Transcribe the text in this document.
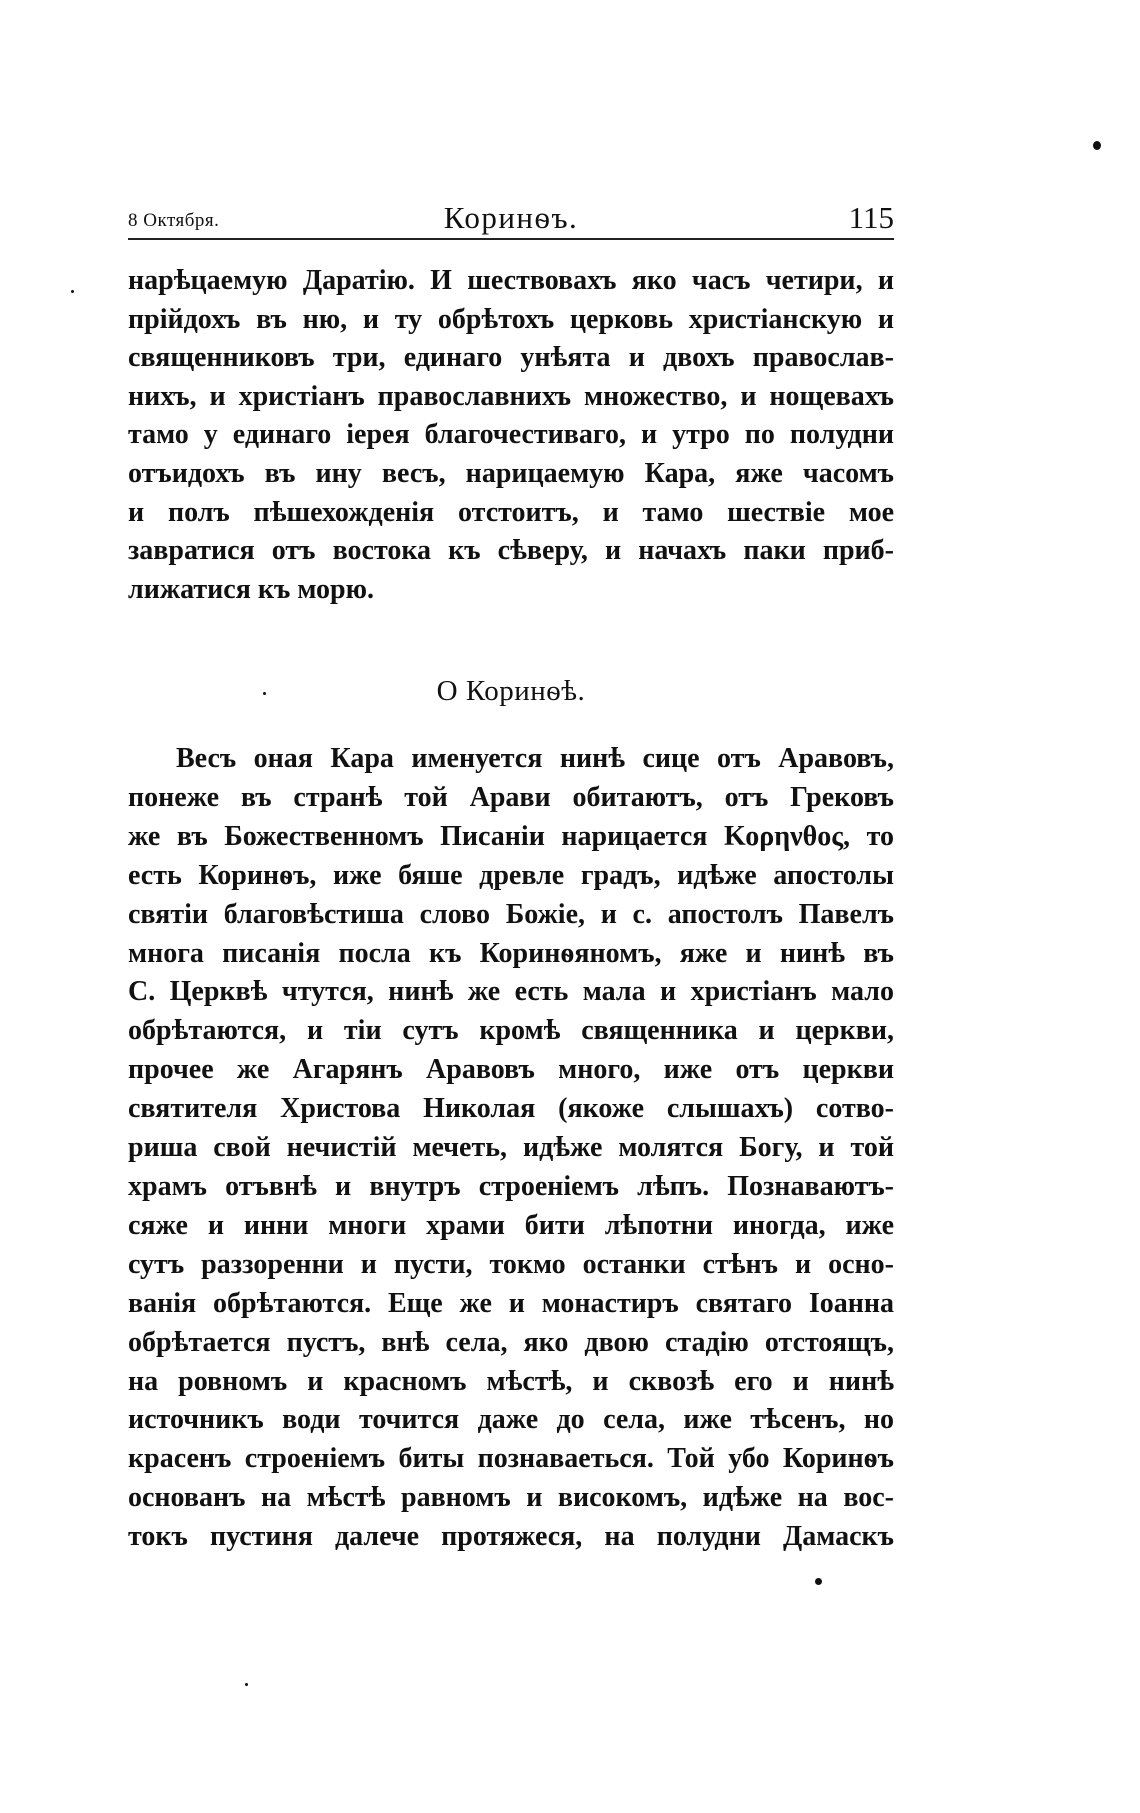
8 Октября.	Коринѳъ.	115
нарѣцаемую Даратію. И шествовахъ яко часъ четири, и
прійдохъ въ ню, и ту обрѣтохъ церковь христіанскую и
священниковъ три, единаго унѣята и двохъ православ-
нихъ, и христіанъ православнихъ множество, и нощевахъ
тамо у единаго іерея благочестиваго, и утро по полудни
отъидохъ въ ину весъ, нарицаемую Кара, яже часомъ
и полъ пѣшехожденія отстоитъ, и тамо шествіе мое
завратися отъ востока къ сѣверу, и начахъ паки приб-
лижатися къ морю.
О Коринѳѣ.
Весъ оная Кара именуется нинѣ сице отъ Аравовъ,
понеже въ странѣ той Арави обитаютъ, отъ Грековъ
же въ Божественномъ Писаніи нарицается Κορηνθος, то
есть Коринѳъ, иже бяше древле градъ, идѣже апостолы
святіи благовѣстиша слово Божіе, и с. апостолъ Павелъ
многа писанія посла къ Коринѳяномъ, яже и нинѣ въ
С. Церквѣ чтутся, нинѣ же есть мала и христіанъ мало
обрѣтаются, и тіи сутъ кромѣ священника и церкви,
прочее же Агарянъ Аравовъ много, иже отъ церкви
святителя Христова Николая (якоже слышахъ) сотво-
риша свой нечистій мечеть, идѣже молятся Богу, и той
храмъ отъвнѣ и внутръ строеніемъ лѣпъ. Познаваютъ-
сяже и инни многи храми бити лѣпотни иногда, иже
сутъ раззоренни и пусти, токмо останки стѣнъ и осно-
ванія обрѣтаются. Еще же и монастиръ святаго Іоанна
обрѣтается пустъ, внѣ села, яко двою стадію отстоящъ,
на ровномъ и красномъ мѣстѣ, и сквозѣ его и нинѣ
источникъ води точится даже до села, иже тѣсенъ, но
красенъ строеніемъ биты познаваеться. Той убо Коринѳъ
основанъ на мѣстѣ равномъ и високомъ, идѣже на вос-
токъ пустиня далече протяжеся, на полудни Дамаскъ
